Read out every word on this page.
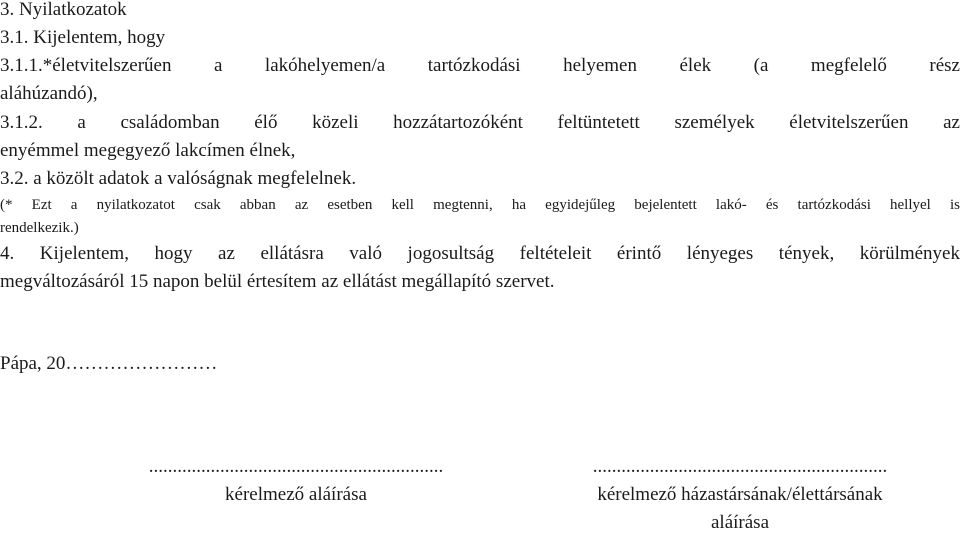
3. Nyilatkozatok
3.1. Kijelentem, hogy
3.1.1.*életvitelszerűen a lakóhelyemen/a tartózkodási helyemen élek (a megfelelő rész
aláhúzandó),
3.1.2. a családomban élő közeli hozzátartozóként feltüntetett személyek életvitelszerűen az
enyémmel megegyező lakcímen élnek,
3.2. a közölt adatok a valóságnak megfelelnek.
(* Ezt a nyilatkozatot csak abban az esetben kell megtenni, ha egyidejűleg bejelentett lakó- és tartózkodási hellyel is
rendelkezik.)
4. Kijelentem, hogy az ellátásra való jogosultság feltételeit érintő lényeges tények, körülmények
megváltozásáról 15 napon belül értesítem az ellátást megállapító szervet.
Pápa, 20……………………
..............................................................
kérelmező aláírása
..............................................................
kérelmező házastársának/élettársának
aláírása
